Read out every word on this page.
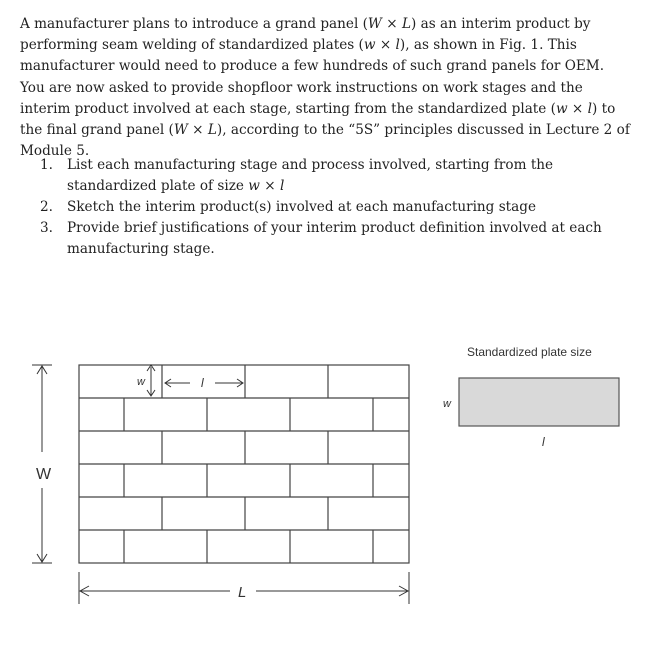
A manufacturer plans to introduce a grand panel (W × L) as an interim product by performing seam welding of standardized plates (w × l), as shown in Fig. 1. This manufacturer would need to produce a few hundreds of such grand panels for OEM. You are now asked to provide shopfloor work instructions on work stages and the interim product involved at each stage, starting from the standardized plate (w × l) to the final grand panel (W × L), according to the “5S” principles discussed in Lecture 2 of Module 5.

1. List each manufacturing stage and process involved, starting from the standardized plate of size w × l
2. Sketch the interim product(s) involved at each manufacturing stage
3. Provide brief justifications of your interim product definition involved at each manufacturing stage.
w	l
W
L
Standardized plate size
w
l
